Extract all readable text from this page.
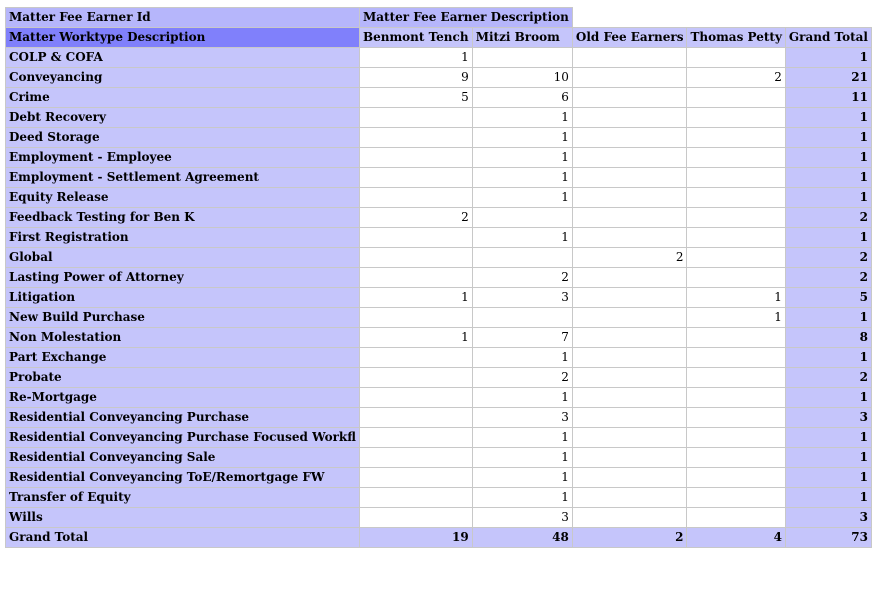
Matter Fee Earner Id	Matter Fee Earner Description				
Matter Worktype Description	Benmont Tench	Mitzi Broom	Old Fee Earners	Thomas Petty	Grand Total
COLP & COFA	1				1
Conveyancing	9	10		2	21
Crime	5	6			11
Debt Recovery		1			1
Deed Storage		1			1
Employment - Employee		1			1
Employment - Settlement Agreement		1			1
Equity Release		1			1
Feedback Testing for Ben K	2				2
First Registration		1			1
Global			2		2
Lasting Power of Attorney		2			2
Litigation	1	3		1	5
New Build Purchase				1	1
Non Molestation	1	7			8
Part Exchange		1			1
Probate		2			2
Re-Mortgage		1			1
Residential Conveyancing Purchase		3			3
Residential Conveyancing Purchase Focused Workfl		1			1
Residential Conveyancing Sale		1			1
Residential Conveyancing ToE/Remortgage FW		1			1
Transfer of Equity		1			1
Wills		3			3
Grand Total	19	48	2	4	73
